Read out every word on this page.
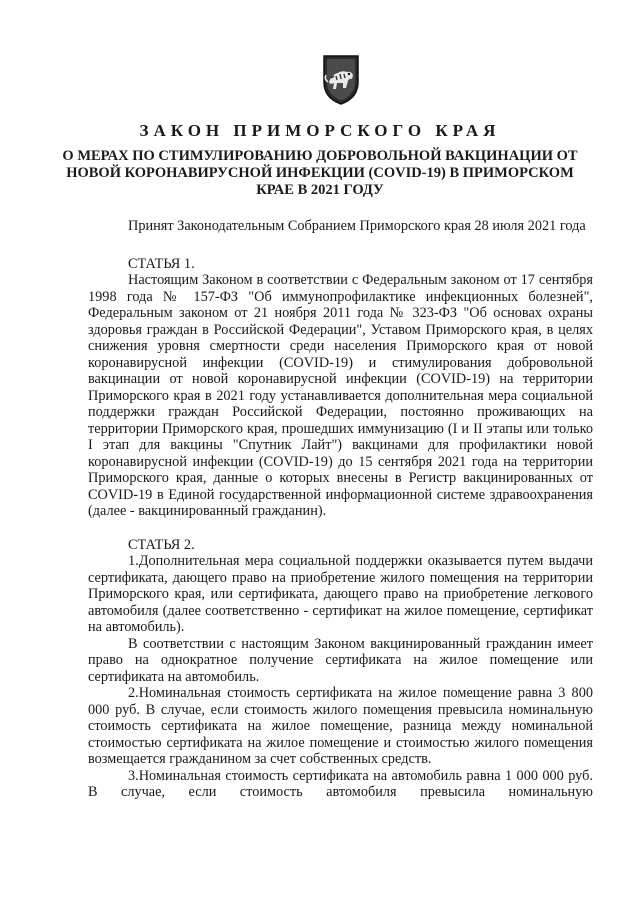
ЗАКОН ПРИМОРСКОГО КРАЯ
О МЕРАХ ПО СТИМУЛИРОВАНИЮ ДОБРОВОЛЬНОЙ ВАКЦИНАЦИИ ОТ НОВОЙ КОРОНАВИРУСНОЙ ИНФЕКЦИИ (COVID-19) В ПРИМОРСКОМ КРАЕ В 2021 ГОДУ

Принят Законодательным Собранием Приморского края 28 июля 2021 года

СТАТЬЯ 1.

Настоящим Законом в соответствии с Федеральным законом от 17 сентября 1998 года № 157-ФЗ "Об иммунопрофилактике инфекционных болезней", Федеральным законом от 21 ноября 2011 года № 323-ФЗ "Об основах охраны здоровья граждан в Российской Федерации", Уставом Приморского края, в целях снижения уровня смертности среди населения Приморского края от новой коронавирусной инфекции (COVID-19) и стимулирования добровольной вакцинации от новой коронавирусной инфекции (COVID-19) на территории Приморского края в 2021 году устанавливается дополнительная мера социальной поддержки граждан Российской Федерации, постоянно проживающих на территории Приморского края, прошедших иммунизацию (I и II этапы или только I этап для вакцины "Спутник Лайт") вакцинами для профилактики новой коронавирусной инфекции (COVID-19) до 15 сентября 2021 года на территории Приморского края, данные о которых внесены в Регистр вакцинированных от COVID-19 в Единой государственной информационной системе здравоохранения (далее - вакцинированный гражданин).

СТАТЬЯ 2.

1.Дополнительная мера социальной поддержки оказывается путем выдачи сертификата, дающего право на приобретение жилого помещения на территории Приморского края, или сертификата, дающего право на приобретение легкового автомобиля (далее соответственно - сертификат на жилое помещение, сертификат на автомобиль).

В соответствии с настоящим Законом вакцинированный гражданин имеет право на однократное получение сертификата на жилое помещение или сертификата на автомобиль.

2.Номинальная стоимость сертификата на жилое помещение равна 3 800 000 руб. В случае, если стоимость жилого помещения превысила номинальную стоимость сертификата на жилое помещение, разница между номинальной стоимостью сертификата на жилое помещение и стоимостью жилого помещения возмещается гражданином за счет собственных средств.

3.Номинальная стоимость сертификата на автомобиль равна 1 000 000 руб. В случае, если стоимость автомобиля превысила номинальную
